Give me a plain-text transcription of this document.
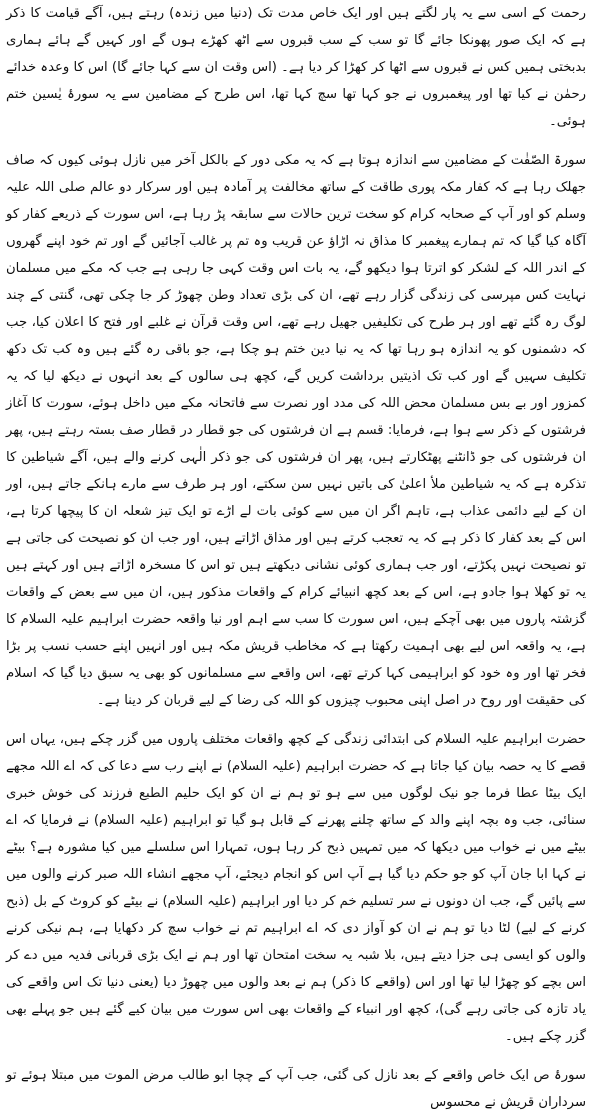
رحمت کے اسی سے یہ پار لگتے ہیں اور ایک خاص مدت تک (دنیا میں زندہ) رہتے ہیں، آگے قیامت کا ذکر ہے کہ ایک صور پھونکا جائے گا تو سب کے سب قبروں سے اٹھ کھڑے ہوں گے اور کہیں گے ہائے ہماری بدبختی ہمیں کس نے قبروں سے اٹھا کر کھڑا کر دیا ہے۔ (اس وقت ان سے کہا جائے گا) اس کا وعدہ خدائے رحمٰن نے کیا تھا اور پیغمبروں نے جو کہا تھا سچ کہا تھا، اس طرح کے مضامین سے یہ سورۂ یٰسین ختم ہوئی۔

سورۃ الصّفٰت کے مضامین سے اندازہ ہوتا ہے کہ یہ مکی دور کے بالکل آخر میں نازل ہوئی کیوں کہ صاف جھلک رہا ہے کہ کفار مکہ پوری طاقت کے ساتھ مخالفت پر آمادہ ہیں اور سرکار دو عالم صلی اللہ علیہ وسلم کو اور آپ کے صحابہ کرام کو سخت ترین حالات سے سابقہ پڑ رہا ہے، اس سورت کے ذریعے کفار کو آگاہ کیا گیا کہ تم ہمارے پیغمبر کا مذاق نہ اڑاؤ عن قریب وہ تم پر غالب آجائیں گے اور تم خود اپنے گھروں کے اندر اللہ کے لشکر کو اترتا ہوا دیکھو گے، یہ بات اس وقت کہی جا رہی ہے جب کہ مکے میں مسلمان نہایت کس مپرسی کی زندگی گزار رہے تھے، ان کی بڑی تعداد وطن چھوڑ کر جا چکی تھی، گنتی کے چند لوگ رہ گئے تھے اور ہر طرح کی تکلیفیں جھیل رہے تھے، اس وقت قرآن نے غلبے اور فتح کا اعلان کیا، جب کہ دشمنوں کو یہ اندازہ ہو رہا تھا کہ یہ نیا دین ختم ہو چکا ہے، جو باقی رہ گئے ہیں وہ کب تک دکھ تکلیف سہیں گے اور کب تک اذیتیں برداشت کریں گے، کچھ ہی سالوں کے بعد انہوں نے دیکھ لیا کہ یہ کمزور اور بے بس مسلمان محض اللہ کی مدد اور نصرت سے فاتحانہ مکے میں داخل ہوئے، سورت کا آغاز فرشتوں کے ذکر سے ہوا ہے، فرمایا: قسم ہے ان فرشتوں کی جو قطار در قطار صف بستہ رہتے ہیں، پھر ان فرشتوں کی جو ڈانٹنے پھٹکارتے ہیں، پھر ان فرشتوں کی جو ذکر الٰہی کرنے والے ہیں، آگے شیاطین کا تذکرہ ہے کہ یہ شیاطین ملأ اعلیٰ کی باتیں نہیں سن سکتے، اور ہر طرف سے مارے ہانکے جاتے ہیں، اور ان کے لیے دائمی عذاب ہے، تاہم اگر ان میں سے کوئی بات لے اڑے تو ایک تیز شعلہ ان کا پیچھا کرتا ہے، اس کے بعد کفار کا ذکر ہے کہ یہ تعجب کرتے ہیں اور مذاق اڑاتے ہیں، اور جب ان کو نصیحت کی جاتی ہے تو نصیحت نہیں پکڑتے، اور جب ہماری کوئی نشانی دیکھتے ہیں تو اس کا مسخرہ اڑاتے ہیں اور کہتے ہیں یہ تو کھلا ہوا جادو ہے، اس کے بعد کچھ انبیائے کرام کے واقعات مذکور ہیں، ان میں سے بعض کے واقعات گزشتہ پاروں میں بھی آچکے ہیں، اس سورت کا سب سے اہم اور نیا واقعہ حضرت ابراہیم علیہ السلام کا ہے، یہ واقعہ اس لیے بھی اہمیت رکھتا ہے کہ مخاطب قریش مکہ ہیں اور انہیں اپنے حسب نسب پر بڑا فخر تھا اور وہ خود کو ابراہیمی کہا کرتے تھے، اس واقعے سے مسلمانوں کو بھی یہ سبق دیا گیا کہ اسلام کی حقیقت اور روح در اصل اپنی محبوب چیزوں کو اللہ کی رضا کے لیے قربان کر دینا ہے۔

حضرت ابراہیم علیہ السلام کی ابتدائی زندگی کے کچھ واقعات مختلف پاروں میں گزر چکے ہیں، یہاں اس قصے کا یہ حصہ بیان کیا جاتا ہے کہ حضرت ابراہیم (علیہ السلام) نے اپنے رب سے دعا کی کہ اے اللہ مجھے ایک بیٹا عطا فرما جو نیک لوگوں میں سے ہو تو ہم نے ان کو ایک حلیم الطبع فرزند کی خوش خبری سنائی، جب وہ بچہ اپنے والد کے ساتھ چلنے پھرنے کے قابل ہو گیا تو ابراہیم (علیہ السلام) نے فرمایا کہ اے بیٹے میں نے خواب میں دیکھا کہ میں تمہیں ذبح کر رہا ہوں، تمہارا اس سلسلے میں کیا مشورہ ہے؟ بیٹے نے کہا ابا جان آپ کو جو حکم دیا گیا ہے آپ اس کو انجام دیجئے، آپ مجھے انشاء اللہ صبر کرنے والوں میں سے پائیں گے، جب ان دونوں نے سر تسلیم خم کر دیا اور ابراہیم (علیہ السلام) نے بیٹے کو کروٹ کے بل (ذبح کرنے کے لیے) لٹا دیا تو ہم نے ان کو آواز دی کہ اے ابراہیم تم نے خواب سچ کر دکھایا ہے، ہم نیکی کرنے والوں کو ایسی ہی جزا دیتے ہیں، بلا شبہ یہ سخت امتحان تھا اور ہم نے ایک بڑی قربانی فدیہ میں دے کر اس بچے کو چھڑا لیا تھا اور اس (واقعے کا ذکر) ہم نے بعد والوں میں چھوڑ دیا (یعنی دنیا تک اس واقعے کی یاد تازہ کی جاتی رہے گی)، کچھ اور انبیاء کے واقعات بھی اس سورت میں بیان کیے گئے ہیں جو پہلے بھی گزر چکے ہیں۔

سورۂ ص ایک خاص واقعے کے بعد نازل کی گئی، جب آپ کے چچا ابو طالب مرض الموت میں مبتلا ہوئے تو سرداران قریش نے محسوس
